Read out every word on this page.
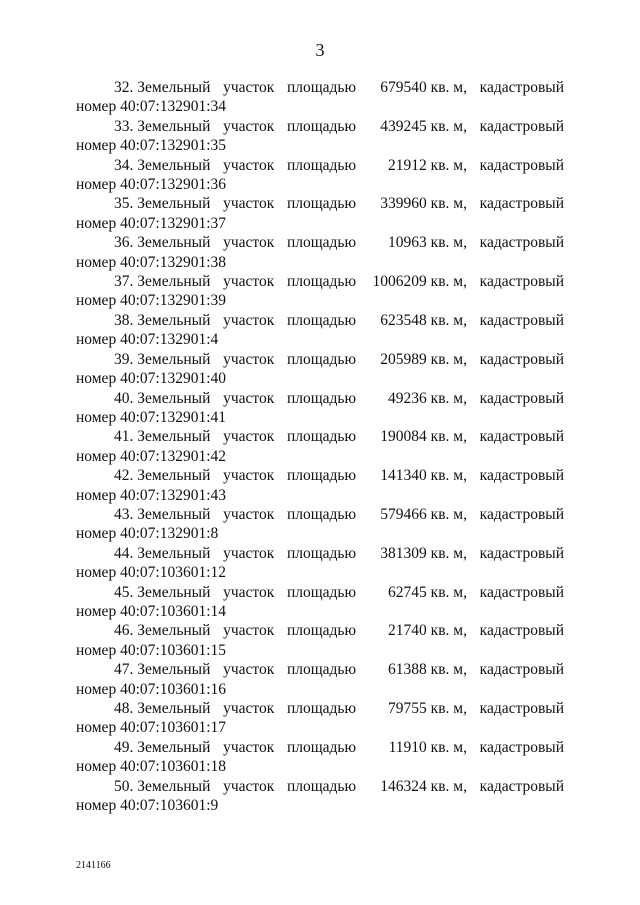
3
32. Земельный участок площадью	679540 кв. м, кадастровый
номер 40:07:132901:34
33. Земельный участок площадью	439245 кв. м, кадастровый
номер 40:07:132901:35
34. Земельный участок площадью	21912 кв. м, кадастровый
номер 40:07:132901:36
35. Земельный участок площадью	339960 кв. м, кадастровый
номер 40:07:132901:37
36. Земельный участок площадью	10963 кв. м, кадастровый
номер 40:07:132901:38
37. Земельный участок площадью 1006209 кв. м, кадастровый
номер 40:07:132901:39
38. Земельный участок площадью	623548 кв. м, кадастровый
номер 40:07:132901:4
39. Земельный участок площадью	205989 кв. м, кадастровый
номер 40:07:132901:40
40. Земельный участок площадью	49236 кв. м, кадастровый
номер 40:07:132901:41
41. Земельный участок площадью	190084 кв. м, кадастровый
номер 40:07:132901:42
42. Земельный участок площадью	141340 кв. м, кадастровый
номер 40:07:132901:43
43. Земельный участок площадью	579466 кв. м, кадастровый
номер 40:07:132901:8
44. Земельный участок площадью	381309 кв. м, кадастровый
номер 40:07:103601:12
45. Земельный участок площадью	62745 кв. м, кадастровый
номер 40:07:103601:14
46. Земельный участок площадью	21740 кв. м, кадастровый
номер 40:07:103601:15
47. Земельный участок площадью	61388 кв. м, кадастровый
номер 40:07:103601:16
48. Земельный участок площадью	79755 кв. м, кадастровый
номер 40:07:103601:17
49. Земельный участок площадью	11910 кв. м, кадастровый
номер 40:07:103601:18
50. Земельный участок площадью	146324 кв. м, кадастровый
номер 40:07:103601:9
2141166
